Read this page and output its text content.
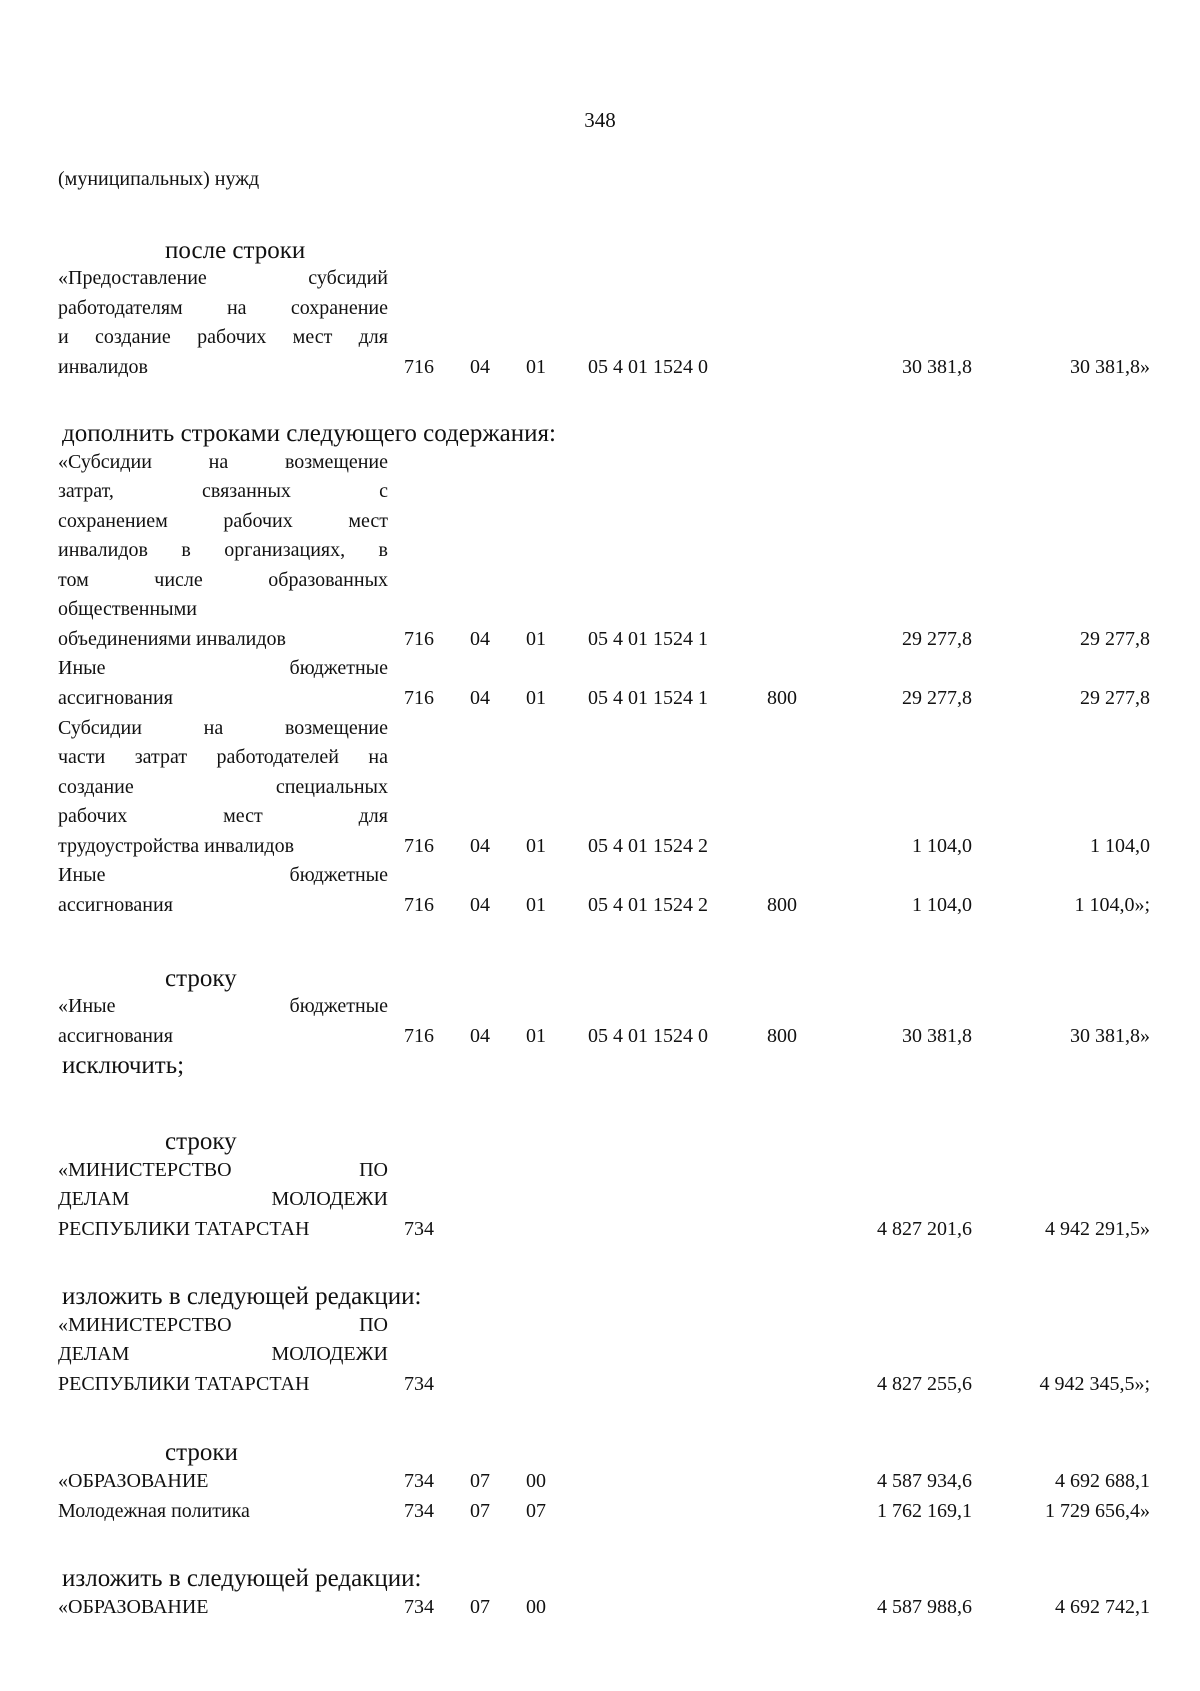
348
(муниципальных) нужд
после строки
«Предоставление субсидий
работодателям на сохранение
и создание рабочих мест для
инвалидов	716 04 01 05 4 01 1524 0	30 381,8	30 381,8»
дополнить строками следующего содержания:
«Субсидии на возмещение
затрат, связанных с
сохранением рабочих мест
инвалидов в организациях, в
том числе образованных
общественными
объединениями инвалидов	716 04 01 05 4 01 1524 1	29 277,8	29 277,8
Иные бюджетные
ассигнования	716 04 01 05 4 01 1524 1	800	29 277,8	29 277,8
Субсидии на возмещение
части затрат работодателей на
создание специальных
рабочих мест для
трудоустройства инвалидов	716 04 01 05 4 01 1524 2	1 104,0	1 104,0
Иные бюджетные
ассигнования	716 04 01 05 4 01 1524 2	800	1 104,0	1 104,0»;
строку
«Иные бюджетные
ассигнования	716 04 01 05 4 01 1524 0	800	30 381,8	30 381,8»
исключить;
строку
«МИНИСТЕРСТВО ПО
ДЕЛАМ МОЛОДЕЖИ
РЕСПУБЛИКИ ТАТАРСТАН	734	4 827 201,6	4 942 291,5»
изложить в следующей редакции:
«МИНИСТЕРСТВО ПО
ДЕЛАМ МОЛОДЕЖИ
РЕСПУБЛИКИ ТАТАРСТАН	734	4 827 255,6	4 942 345,5»;
строки
«ОБРАЗОВАНИЕ	734 07 00	4 587 934,6	4 692 688,1
Молодежная политика	734 07 07	1 762 169,1	1 729 656,4»
изложить в следующей редакции:
«ОБРАЗОВАНИЕ	734 07 00	4 587 988,6	4 692 742,1
